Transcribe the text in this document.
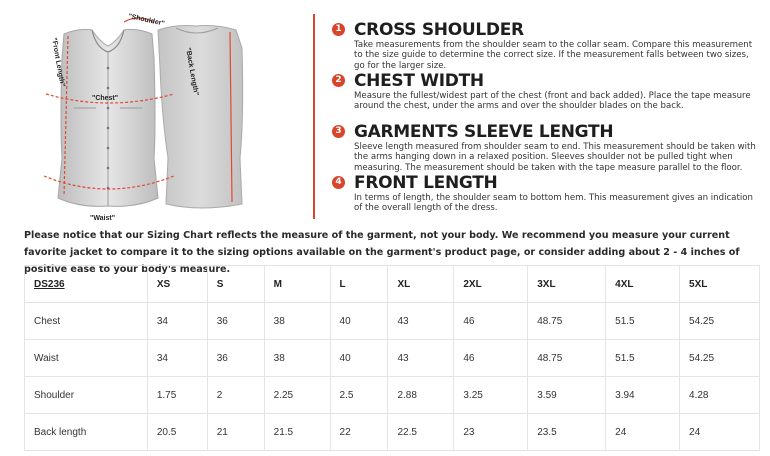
"Shoulder"
"Front Length"	"Back Length"
"Chest"
"Waist"
1 CROSS SHOULDER
Take measurements from the shoulder seam to the collar seam. Compare this measurement to the size guide to determine the correct size. If the measurement falls between two sizes, go for the larger size.
2 CHEST WIDTH
Measure the fullest/widest part of the chest (front and back added). Place the tape measure around the chest, under the arms and over the shoulder blades on the back.
3 GARMENTS SLEEVE LENGTH
Sleeve length measured from shoulder seam to end. This measurement should be taken with the arms hanging down in a relaxed position. Sleeves shoulder not be pulled tight when measuring. The measurement should be taken with the tape measure parallel to the floor.
4 FRONT LENGTH
In terms of length, the shoulder seam to bottom hem. This measurement gives an indication of the overall length of the dress.
Please notice that our Sizing Chart reflects the measure of the garment, not your body. We recommend you measure your current favorite jacket to compare it to the sizing options available on the garment's product page, or consider adding about 2 - 4 inches of positive ease to your body's measure.
DS236	XS	S	M	L	XL	2XL	3XL	4XL	5XL
Chest	34	36	38	40	43	46	48.75	51.5	54.25
Waist	34	36	38	40	43	46	48.75	51.5	54.25
Shoulder	1.75	2	2.25	2.5	2.88	3.25	3.59	3.94	4.28
Back length	20.5	21	21.5	22	22.5	23	23.5	24	24
